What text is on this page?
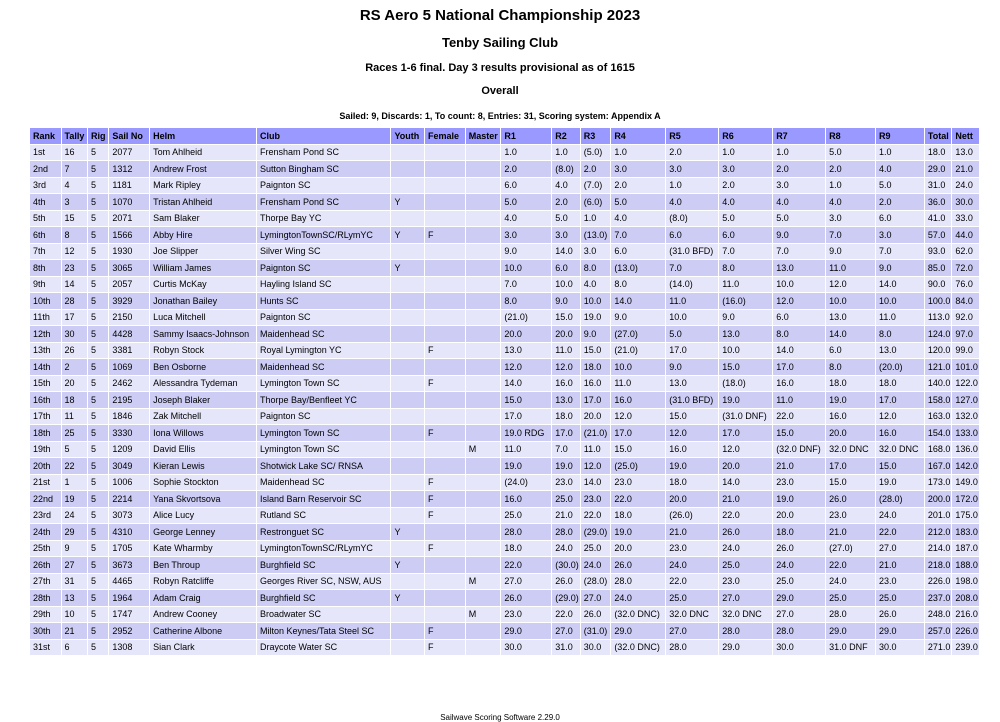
RS Aero 5 National Championship 2023
Tenby Sailing Club
Races 1-6 final. Day 3 results provisional as of 1615
Overall
Sailed: 9, Discards: 1, To count: 8, Entries: 31, Scoring system: Appendix A
Rank	Tally	Rig	Sail No	Helm	Club	Youth	Female	Master	R1	R2	R3	R4	R5	R6	R7	R8	R9	Total	Nett
1st	16	5	2077	Tom Ahlheid	Frensham Pond SC				1.0	1.0	(5.0)	1.0	2.0	1.0	1.0	5.0	1.0	18.0	13.0
2nd	7	5	1312	Andrew Frost	Sutton Bingham SC				2.0	(8.0)	2.0	3.0	3.0	3.0	2.0	2.0	4.0	29.0	21.0
3rd	4	5	1181	Mark Ripley	Paignton SC				6.0	4.0	(7.0)	2.0	1.0	2.0	3.0	1.0	5.0	31.0	24.0
4th	3	5	1070	Tristan Ahlheid	Frensham Pond SC	Y			5.0	2.0	(6.0)	5.0	4.0	4.0	4.0	4.0	2.0	36.0	30.0
5th	15	5	2071	Sam Blaker	Thorpe Bay YC				4.0	5.0	1.0	4.0	(8.0)	5.0	5.0	3.0	6.0	41.0	33.0
6th	8	5	1566	Abby Hire	LymingtonTownSC/RLymYC	Y	F		3.0	3.0	(13.0)	7.0	6.0	6.0	9.0	7.0	3.0	57.0	44.0
7th	12	5	1930	Joe Slipper	Silver Wing SC				9.0	14.0	3.0	6.0	(31.0 BFD)	7.0	7.0	9.0	7.0	93.0	62.0
8th	23	5	3065	William James	Paignton SC	Y			10.0	6.0	8.0	(13.0)	7.0	8.0	13.0	11.0	9.0	85.0	72.0
9th	14	5	2057	Curtis McKay	Hayling Island SC				7.0	10.0	4.0	8.0	(14.0)	11.0	10.0	12.0	14.0	90.0	76.0
10th	28	5	3929	Jonathan Bailey	Hunts SC				8.0	9.0	10.0	14.0	11.0	(16.0)	12.0	10.0	10.0	100.0	84.0
11th	17	5	2150	Luca Mitchell	Paignton SC				(21.0)	15.0	19.0	9.0	10.0	9.0	6.0	13.0	11.0	113.0	92.0
12th	30	5	4428	Sammy Isaacs-Johnson	Maidenhead SC				20.0	20.0	9.0	(27.0)	5.0	13.0	8.0	14.0	8.0	124.0	97.0
13th	26	5	3381	Robyn Stock	Royal Lymington YC		F		13.0	11.0	15.0	(21.0)	17.0	10.0	14.0	6.0	13.0	120.0	99.0
14th	2	5	1069	Ben Osborne	Maidenhead SC				12.0	12.0	18.0	10.0	9.0	15.0	17.0	8.0	(20.0)	121.0	101.0
15th	20	5	2462	Alessandra Tydeman	Lymington Town SC		F		14.0	16.0	16.0	11.0	13.0	(18.0)	16.0	18.0	18.0	140.0	122.0
16th	18	5	2195	Joseph Blaker	Thorpe Bay/Benfleet YC				15.0	13.0	17.0	16.0	(31.0 BFD)	19.0	11.0	19.0	17.0	158.0	127.0
17th	11	5	1846	Zak Mitchell	Paignton SC				17.0	18.0	20.0	12.0	15.0	(31.0 DNF)	22.0	16.0	12.0	163.0	132.0
18th	25	5	3330	Iona Willows	Lymington Town SC		F		19.0 RDG	17.0	(21.0)	17.0	12.0	17.0	15.0	20.0	16.0	154.0	133.0
19th	5	5	1209	David Ellis	Lymington Town SC			M	11.0	7.0	11.0	15.0	16.0	12.0	(32.0 DNF)	32.0 DNC	32.0 DNC	168.0	136.0
20th	22	5	3049	Kieran Lewis	Shotwick Lake SC/ RNSA				19.0	19.0	12.0	(25.0)	19.0	20.0	21.0	17.0	15.0	167.0	142.0
21st	1	5	1006	Sophie Stockton	Maidenhead SC		F		(24.0)	23.0	14.0	23.0	18.0	14.0	23.0	15.0	19.0	173.0	149.0
22nd	19	5	2214	Yana Skvortsova	Island Barn Reservoir SC		F		16.0	25.0	23.0	22.0	20.0	21.0	19.0	26.0	(28.0)	200.0	172.0
23rd	24	5	3073	Alice Lucy	Rutland SC		F		25.0	21.0	22.0	18.0	(26.0)	22.0	20.0	23.0	24.0	201.0	175.0
24th	29	5	4310	George Lenney	Restronguet SC	Y			28.0	28.0	(29.0)	19.0	21.0	26.0	18.0	21.0	22.0	212.0	183.0
25th	9	5	1705	Kate Wharmby	LymingtonTownSC/RLymYC		F		18.0	24.0	25.0	20.0	23.0	24.0	26.0	(27.0)	27.0	214.0	187.0
26th	27	5	3673	Ben Throup	Burghfield SC	Y			22.0	(30.0)	24.0	26.0	24.0	25.0	24.0	22.0	21.0	218.0	188.0
27th	31	5	4465	Robyn Ratcliffe	Georges River SC, NSW, AUS			M	27.0	26.0	(28.0)	28.0	22.0	23.0	25.0	24.0	23.0	226.0	198.0
28th	13	5	1964	Adam Craig	Burghfield SC	Y			26.0	(29.0)	27.0	24.0	25.0	27.0	29.0	25.0	25.0	237.0	208.0
29th	10	5	1747	Andrew Cooney	Broadwater SC			M	23.0	22.0	26.0	(32.0 DNC)	32.0 DNC	32.0 DNC	27.0	28.0	26.0	248.0	216.0
30th	21	5	2952	Catherine Albone	Milton Keynes/Tata Steel SC		F		29.0	27.0	(31.0)	29.0	27.0	28.0	28.0	29.0	29.0	257.0	226.0
31st	6	5	1308	Sian Clark	Draycote Water SC		F		30.0	31.0	30.0	(32.0 DNC)	28.0	29.0	30.0	31.0 DNF	30.0	271.0	239.0
Sailwave Scoring Software 2.29.0
